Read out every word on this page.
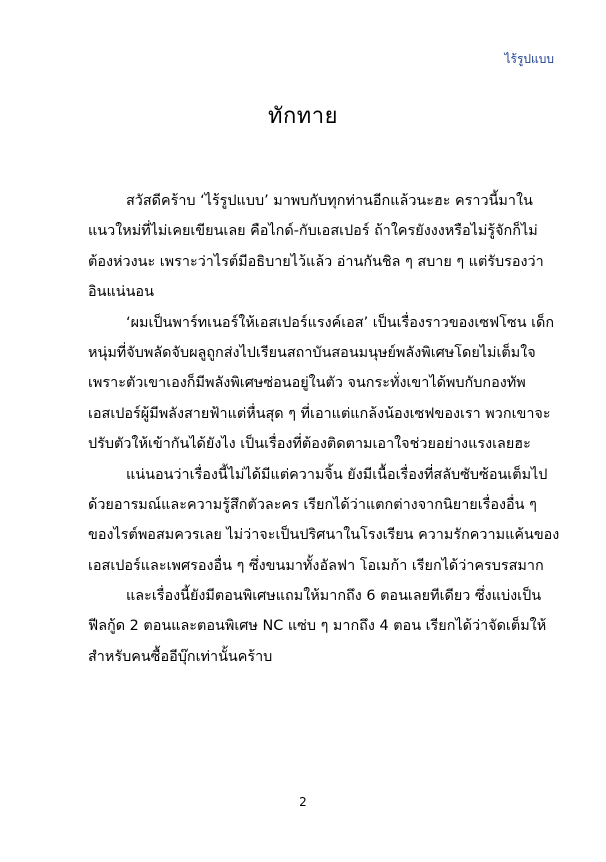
ไร้รูปแบบ
ทักทาย

สวัสดีคร้าบ ‘ไร้รูปแบบ’ มาพบกับทุกท่านอีกแล้วนะฮะ คราวนี้มาใน
แนวใหม่ที่ไม่เคยเขียนเลย คือไกด์-กับเอสเปอร์ ถ้าใครยังงงหรือไม่รู้จักก็ไม่
ต้องห่วงนะ เพราะว่าไรต์มีอธิบายไว้แล้ว อ่านกันชิล ๆ สบาย ๆ แต่รับรองว่า
อินแน่นอน

‘ผมเป็นพาร์ทเนอร์ให้เอสเปอร์แรงค์เอส’ เป็นเรื่องราวของเซฟโซน เด็ก
หนุ่มที่จับพลัดจับผลูถูกส่งไปเรียนสถาบันสอนมนุษย์พลังพิเศษโดยไม่เต็มใจ
เพราะตัวเขาเองก็มีพลังพิเศษซ่อนอยู่ในตัว จนกระทั่งเขาได้พบกับกองทัพ
เอสเปอร์ผู้มีพลังสายฟ้าแต่หื่นสุด ๆ ที่เอาแต่แกล้งน้องเซฟของเรา พวกเขาจะ
ปรับตัวให้เข้ากันได้ยังไง เป็นเรื่องที่ต้องติดตามเอาใจช่วยอย่างแรงเลยฮะ

แน่นอนว่าเรื่องนี้ไม่ได้มีแต่ความจิ้น ยังมีเนื้อเรื่องที่สลับซับซ้อนเต็มไป
ด้วยอารมณ์และความรู้สึกตัวละคร เรียกได้ว่าแตกต่างจากนิยายเรื่องอื่น ๆ
ของไรต์พอสมควรเลย ไม่ว่าจะเป็นปริศนาในโรงเรียน ความรักความแค้นของ
เอสเปอร์และเพศรองอื่น ๆ ซึ่งขนมาทั้งอัลฟา โอเมก้า เรียกได้ว่าครบรสมาก

และเรื่องนี้ยังมีตอนพิเศษแถมให้มากถึง 6 ตอนเลยทีเดียว ซึ่งแบ่งเป็น
ฟีลกู้ด 2 ตอนและตอนพิเศษ NC แซ่บ ๆ มากถึง 4 ตอน เรียกได้ว่าจัดเต็มให้
สำหรับคนซื้ออีบุ๊กเท่านั้นคร้าบ

2
